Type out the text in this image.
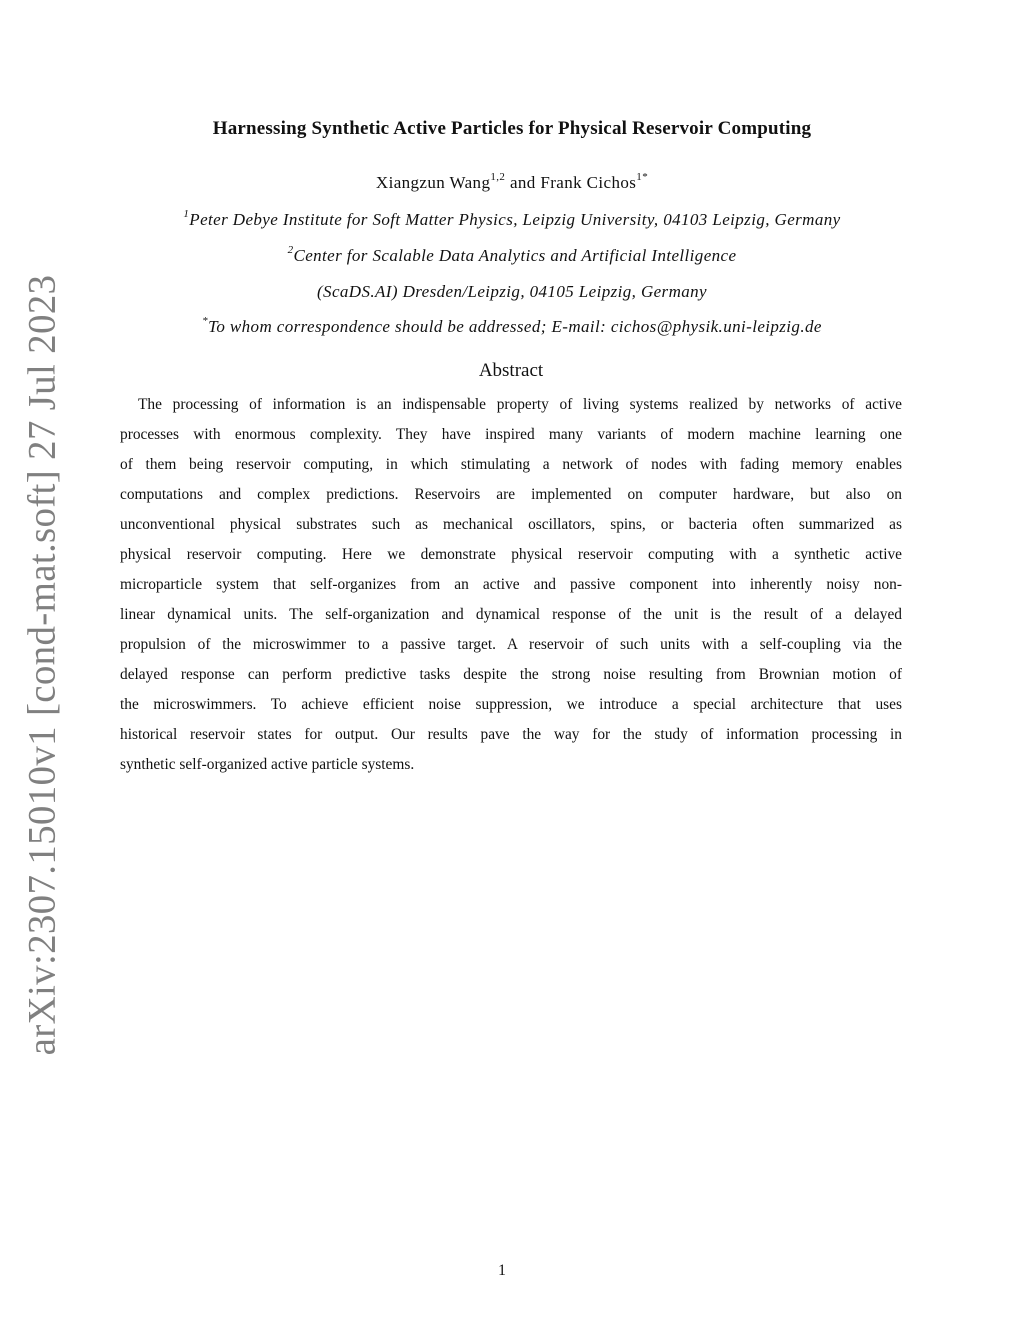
arXiv:2307.15010v1 [cond-mat.soft] 27 Jul 2023
Harnessing Synthetic Active Particles for Physical Reservoir Computing
Xiangzun Wang$^{1,2}$ and Frank Cichos$^{1*}$
$^1$Peter Debye Institute for Soft Matter Physics, Leipzig University, 04103 Leipzig, Germany
$^2$Center for Scalable Data Analytics and Artificial Intelligence
(ScaDS.AI) Dresden/Leipzig, 04105 Leipzig, Germany
*To whom correspondence should be addressed; E-mail: cichos@physik.uni-leipzig.de
Abstract
The processing of information is an indispensable property of living systems realized by networks of active
processes with enormous complexity. They have inspired many variants of modern machine learning one
of them being reservoir computing, in which stimulating a network of nodes with fading memory enables
computations and complex predictions. Reservoirs are implemented on computer hardware, but also on
unconventional physical substrates such as mechanical oscillators, spins, or bacteria often summarized as
physical reservoir computing. Here we demonstrate physical reservoir computing with a synthetic active
microparticle system that self-organizes from an active and passive component into inherently noisy non-
linear dynamical units. The self-organization and dynamical response of the unit is the result of a delayed
propulsion of the microswimmer to a passive target. A reservoir of such units with a self-coupling via the
delayed response can perform predictive tasks despite the strong noise resulting from Brownian motion of
the microswimmers. To achieve efficient noise suppression, we introduce a special architecture that uses
historical reservoir states for output. Our results pave the way for the study of information processing in
synthetic self-organized active particle systems.
1
